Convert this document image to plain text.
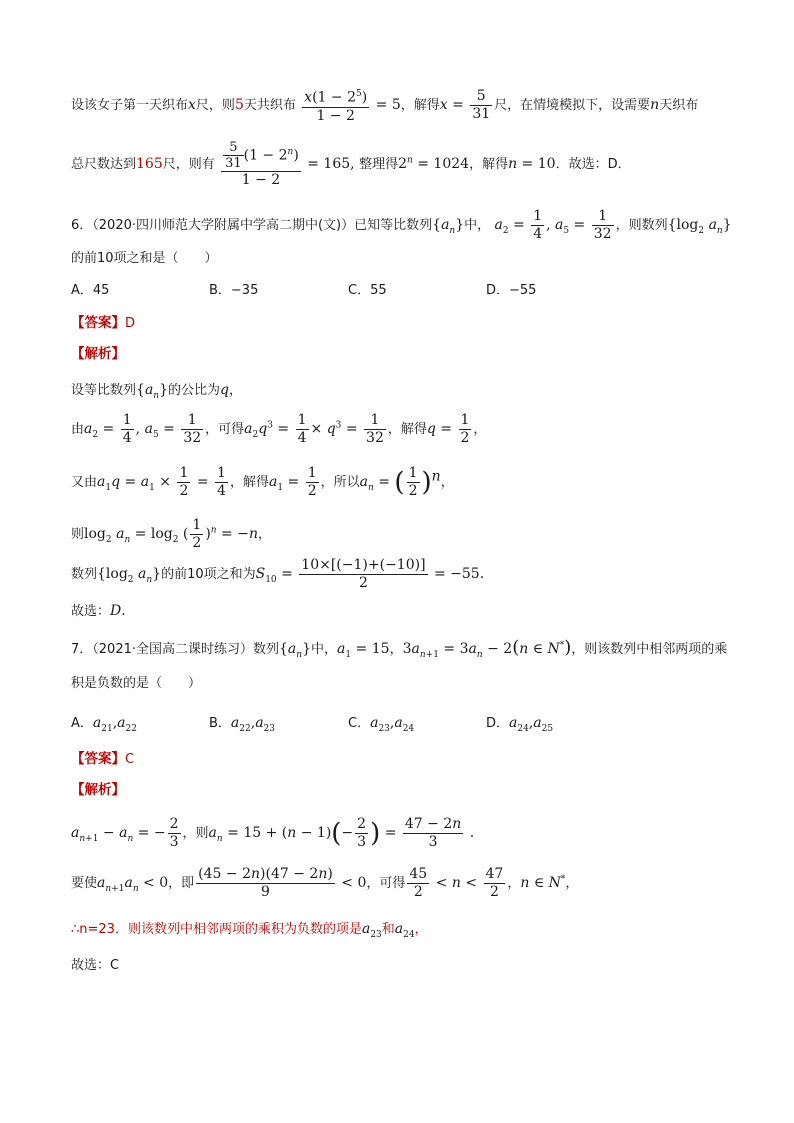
设该女子第一天织布x尺，则5天共织布 $\frac{x(1 - 2^5)}{1 - 2} = 5$，解得$x = \frac{5}{31}$ 尺，在情境模拟下，设需要n天织布
总尺数达到165尺，则有 $\frac{\frac{5}{31} (1 - 2^n)}{1 - 2} = 165$, 整理得$2^n = 1024$，解得n = 10．故选：D．
6．（2020·四川师范大学附属中学高二期中(文)）已知等比数列$\{a_n\}$中， $a_2 = \frac{1}{4}$ , $a_5 = \frac{1}{32}$ ，则数列{$\log_2$ $a_n$}
的前10项之和是（　　）
A．45	B．−35	C．55	D．−55
【答案】D
【解析】
设等比数列$\{a_n\}$的公比为q，
由$a_2 = \frac{1}{4}$ , $a_5 = \frac{1}{32}$ ，可得$a_2q^3 = \frac{1}{4} \times q^3 = \frac{1}{32}$ ，解得$q = \frac{1}{2}$ ，
又由$a_1q = a_1 \times \frac{1}{2} = \frac{1}{4}$ ，解得$a_1 = \frac{1}{2}$ ，所以$a_n$ = ( $\frac{1}{2} )^n$，
则$\log_2 a_n = \log_2$ ( $\frac{1}{2} )^n = -n$，
数列{$\log_2$ $a_n$}的前10项之和为$S_{10} = \frac{10\times[(-1)+(-10)]}{2} = -55$.
故选：D.
7．（2021·全国高二课时练习）数列$\{a_n\}$中，$a_1 = 15$，$3a_{n+1} = 3a_n - 2(n$ ∈ N*)，则该数列中相邻两项的乘
积是负数的是（　　）
A．$a_{21},a_{22}$	B．$a_{22},a_{23}$	C．$a_{23},a_{24}$	D．$a_{24},a_{25}$
【答案】C
【解析】
$a_{n+1} - a_n$ = − $\frac{2}{3}$ ，则$a_n = 15 + (n - 1)(- \frac{2}{3}$ ) = $\frac{47 - 2n}{3}$ .
要使$a_{n+1}a_n < 0$，即 $\frac{(45 - 2n)(47 - 2n)}{9} < 0$，可得 $\frac{45}{2} < n < \frac{47}{2}$ ，n ∈ N*，
∴n=23．则该数列中相邻两项的乘积为负数的项是$a_{23}$和$a_{24}$，
故选：C
